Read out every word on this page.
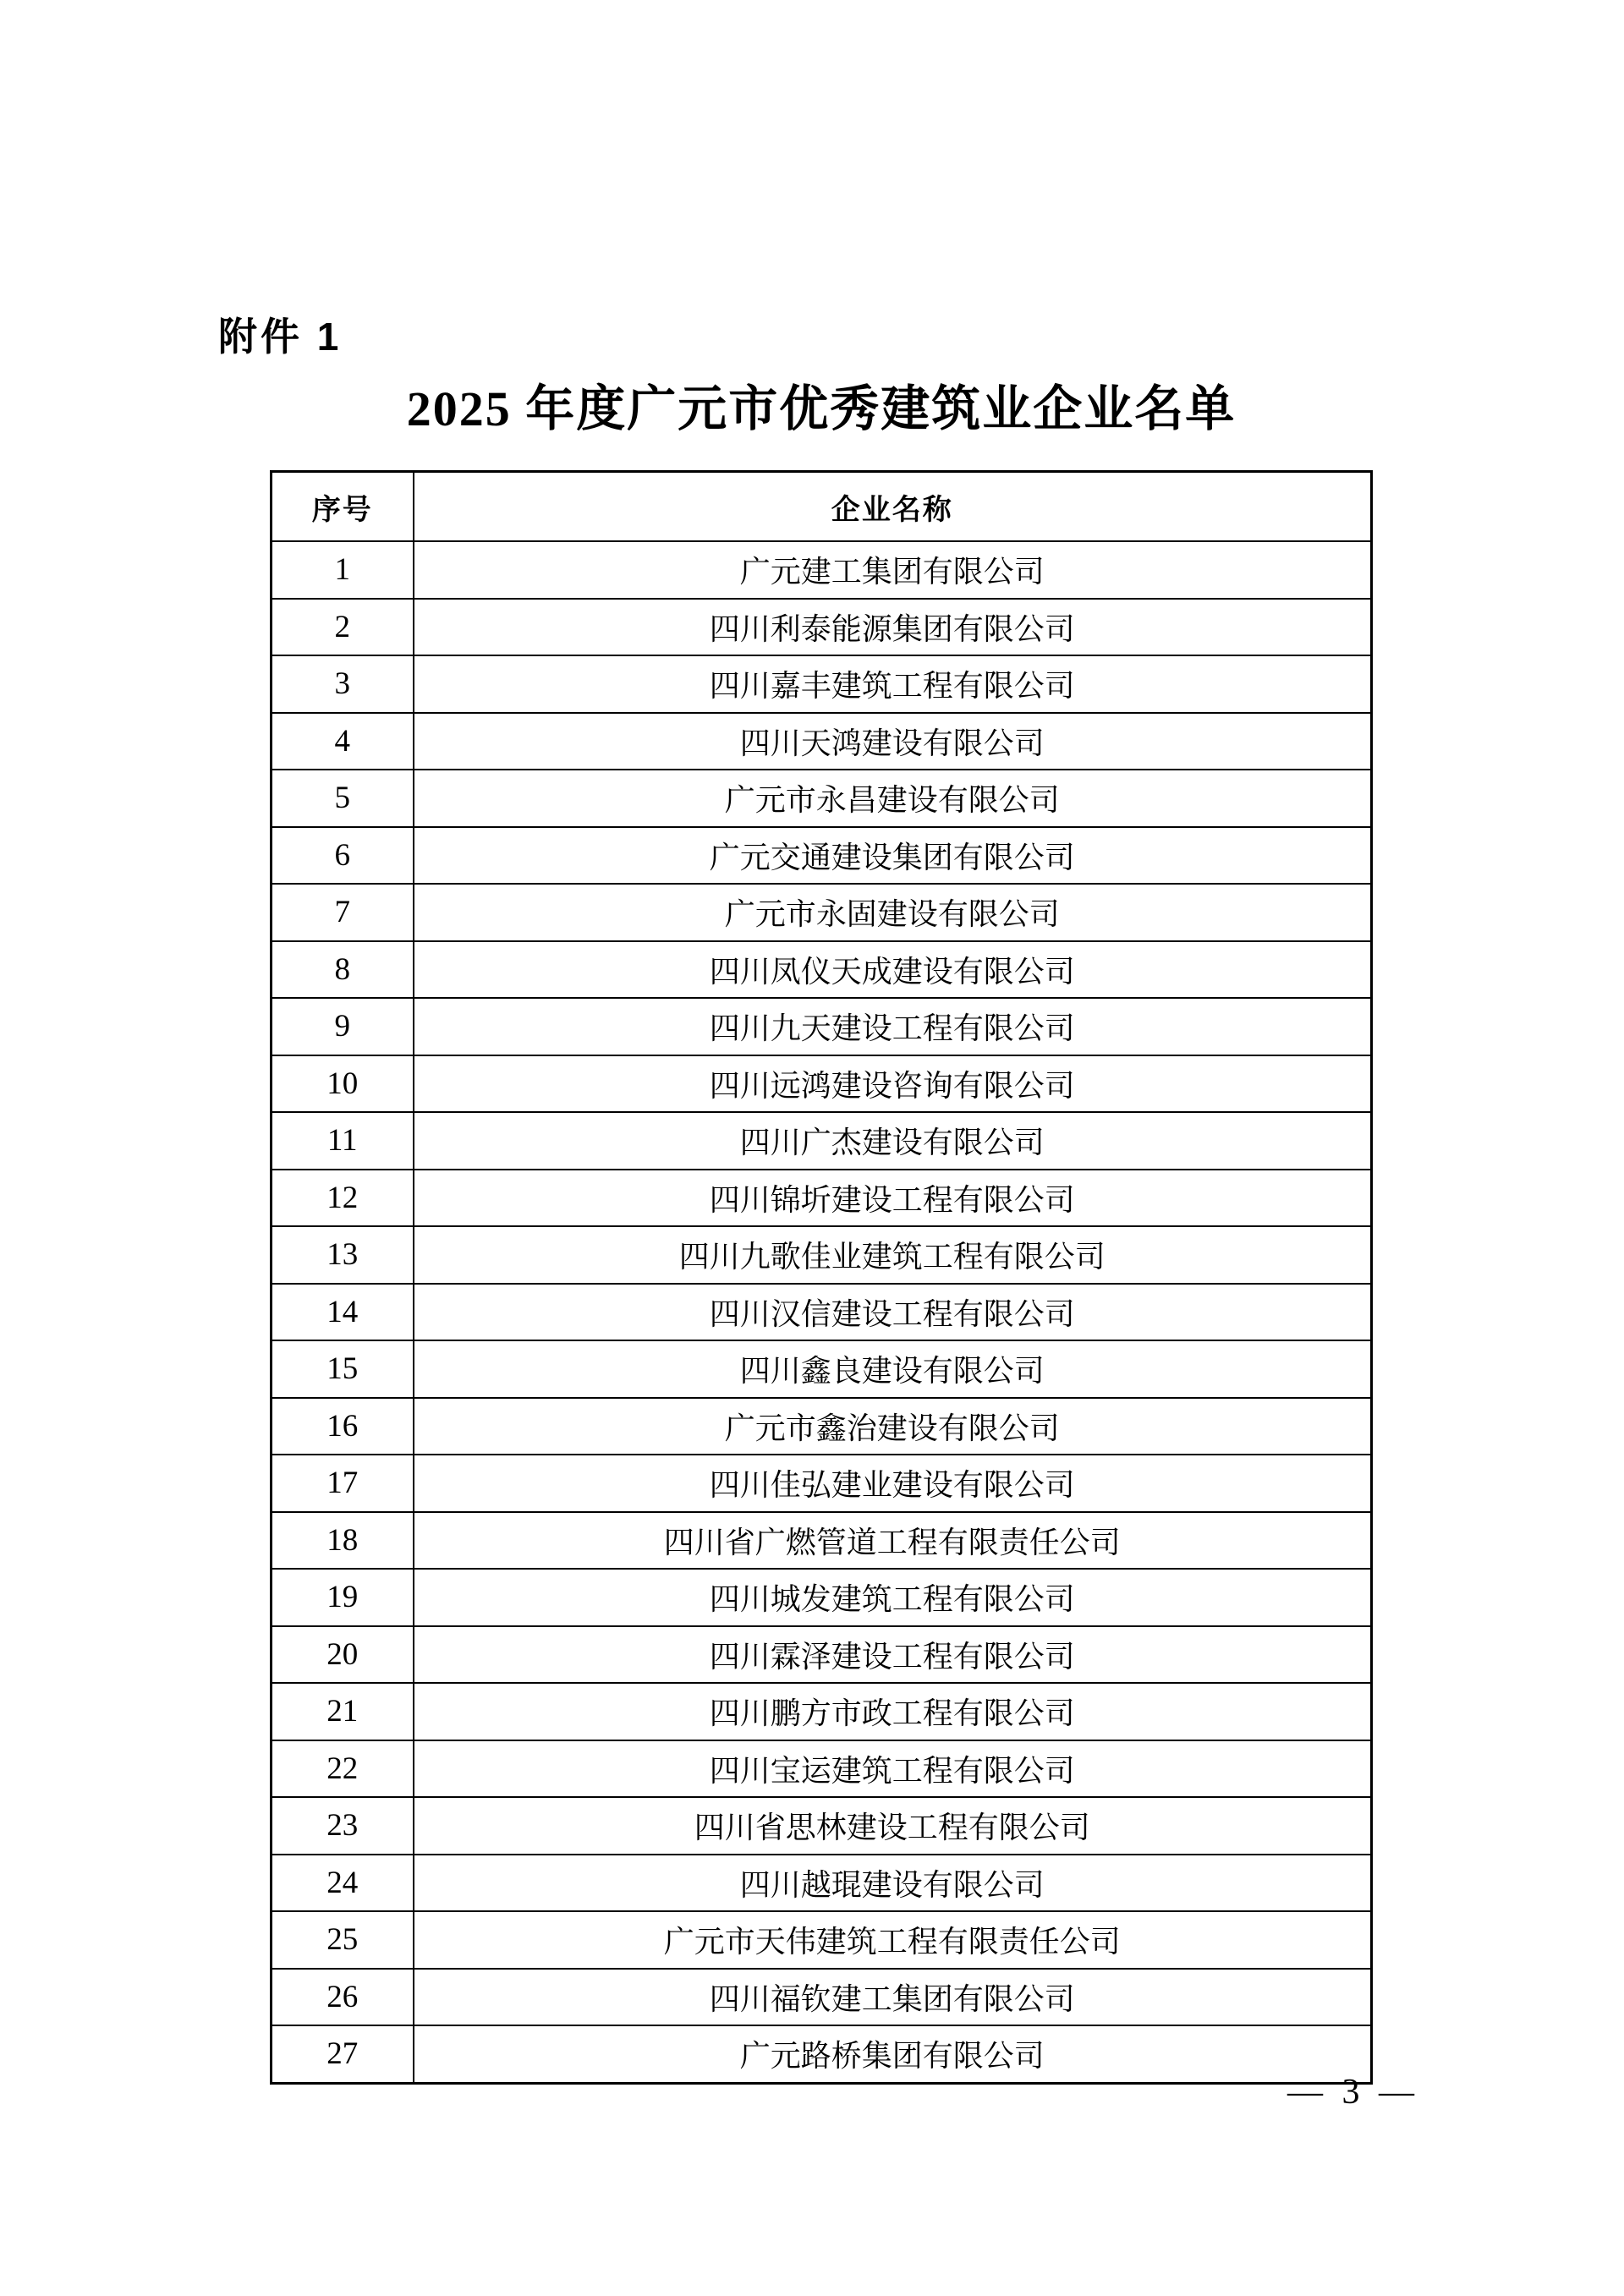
附件 1
2025 年度广元市优秀建筑业企业名单
序号	企业名称
1	广元建工集团有限公司
2	四川利泰能源集团有限公司
3	四川嘉丰建筑工程有限公司
4	四川天鸿建设有限公司
5	广元市永昌建设有限公司
6	广元交通建设集团有限公司
7	广元市永固建设有限公司
8	四川凤仪天成建设有限公司
9	四川九天建设工程有限公司
10	四川远鸿建设咨询有限公司
11	四川广杰建设有限公司
12	四川锦圻建设工程有限公司
13	四川九歌佳业建筑工程有限公司
14	四川汉信建设工程有限公司
15	四川鑫良建设有限公司
16	广元市鑫治建设有限公司
17	四川佳弘建业建设有限公司
18	四川省广燃管道工程有限责任公司
19	四川城发建筑工程有限公司
20	四川霖泽建设工程有限公司
21	四川鹏方市政工程有限公司
22	四川宝运建筑工程有限公司
23	四川省思林建设工程有限公司
24	四川越琨建设有限公司
25	广元市天伟建筑工程有限责任公司
26	四川福钦建工集团有限公司
27	广元路桥集团有限公司
— 3 —
